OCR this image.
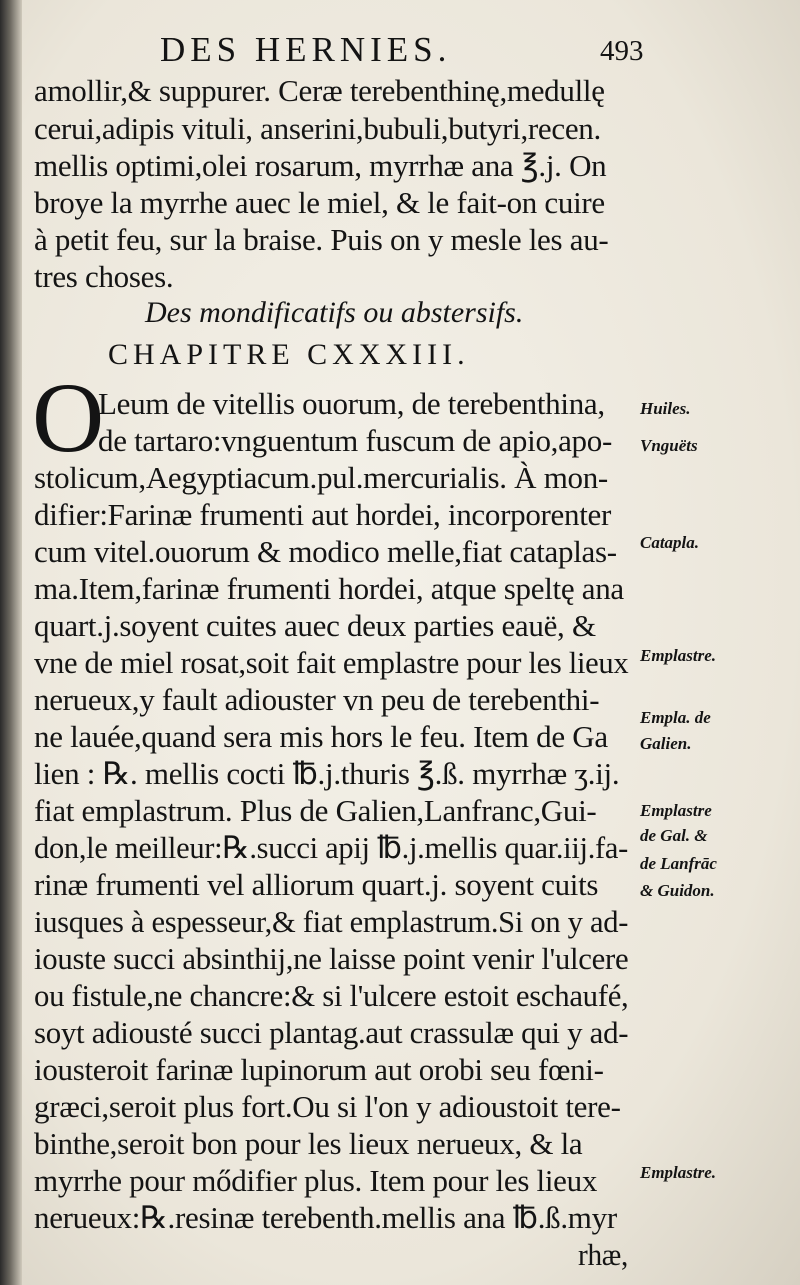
DES HERNIES.	493
amollir,& suppurer. Ceræ terebenthinę,medullę
cerui,adipis vituli, anserini,bubuli,butyri,recen.
mellis optimi,olei rosarum, myrrhæ ana ℥.j. On
broye la myrrhe auec le miel, & le fait-on cuire
à petit feu, sur la braise. Puis on y mesle les au-
tres choses.
Des mondificatifs ou abstersifs.
CHAPITRE CXXXIII.
O
Leum de vitellis ouorum, de terebenthina,
de tartaro:vnguentum fuscum de apio,apo-
stolicum,Aegyptiacum.pul.mercurialis. À mon-
difier:Farinæ frumenti aut hordei, incorporenter
cum vitel.ouorum & modico melle,fiat cataplas-
ma.Item,farinæ frumenti hordei, atque speltę ana
quart.j.soyent cuites auec deux parties eauë, &
vne de miel rosat,soit fait emplastre pour les lieux
nerueux,y fault adiouster vn peu de terebenthi-
ne lauée,quand sera mis hors le feu. Item de Ga
lien : ℞. mellis cocti ℔.j.thuris ℥.ß. myrrhæ ʒ.ij.
fiat emplastrum. Plus de Galien,Lanfranc,Gui-
don,le meilleur:℞.succi apij ℔.j.mellis quar.iij.fa-
rinæ frumenti vel alliorum quart.j. soyent cuits
iusques à espesseur,& fiat emplastrum.Si on y ad-
iouste succi absinthij,ne laisse point venir l'ulcere
ou fistule,ne chancre:& si l'ulcere estoit eschaufé,
soyt adiousté succi plantag.aut crassulæ qui y ad-
iousteroit farinæ lupinorum aut orobi seu fœni-
græci,seroit plus fort.Ou si l'on y adioustoit tere-
binthe,seroit bon pour les lieux nerueux, & la
myrrhe pour mődifier plus. Item pour les lieux
nerueux:℞.resinæ terebenth.mellis ana ℔.ß.myr
rhæ,
Huiles.
Vnguëts
Catapla.
Emplastre.
Empla. de
Galien.
Emplastre
de Gal. &
de Lanfrāc
& Guidon.
Emplastre.
